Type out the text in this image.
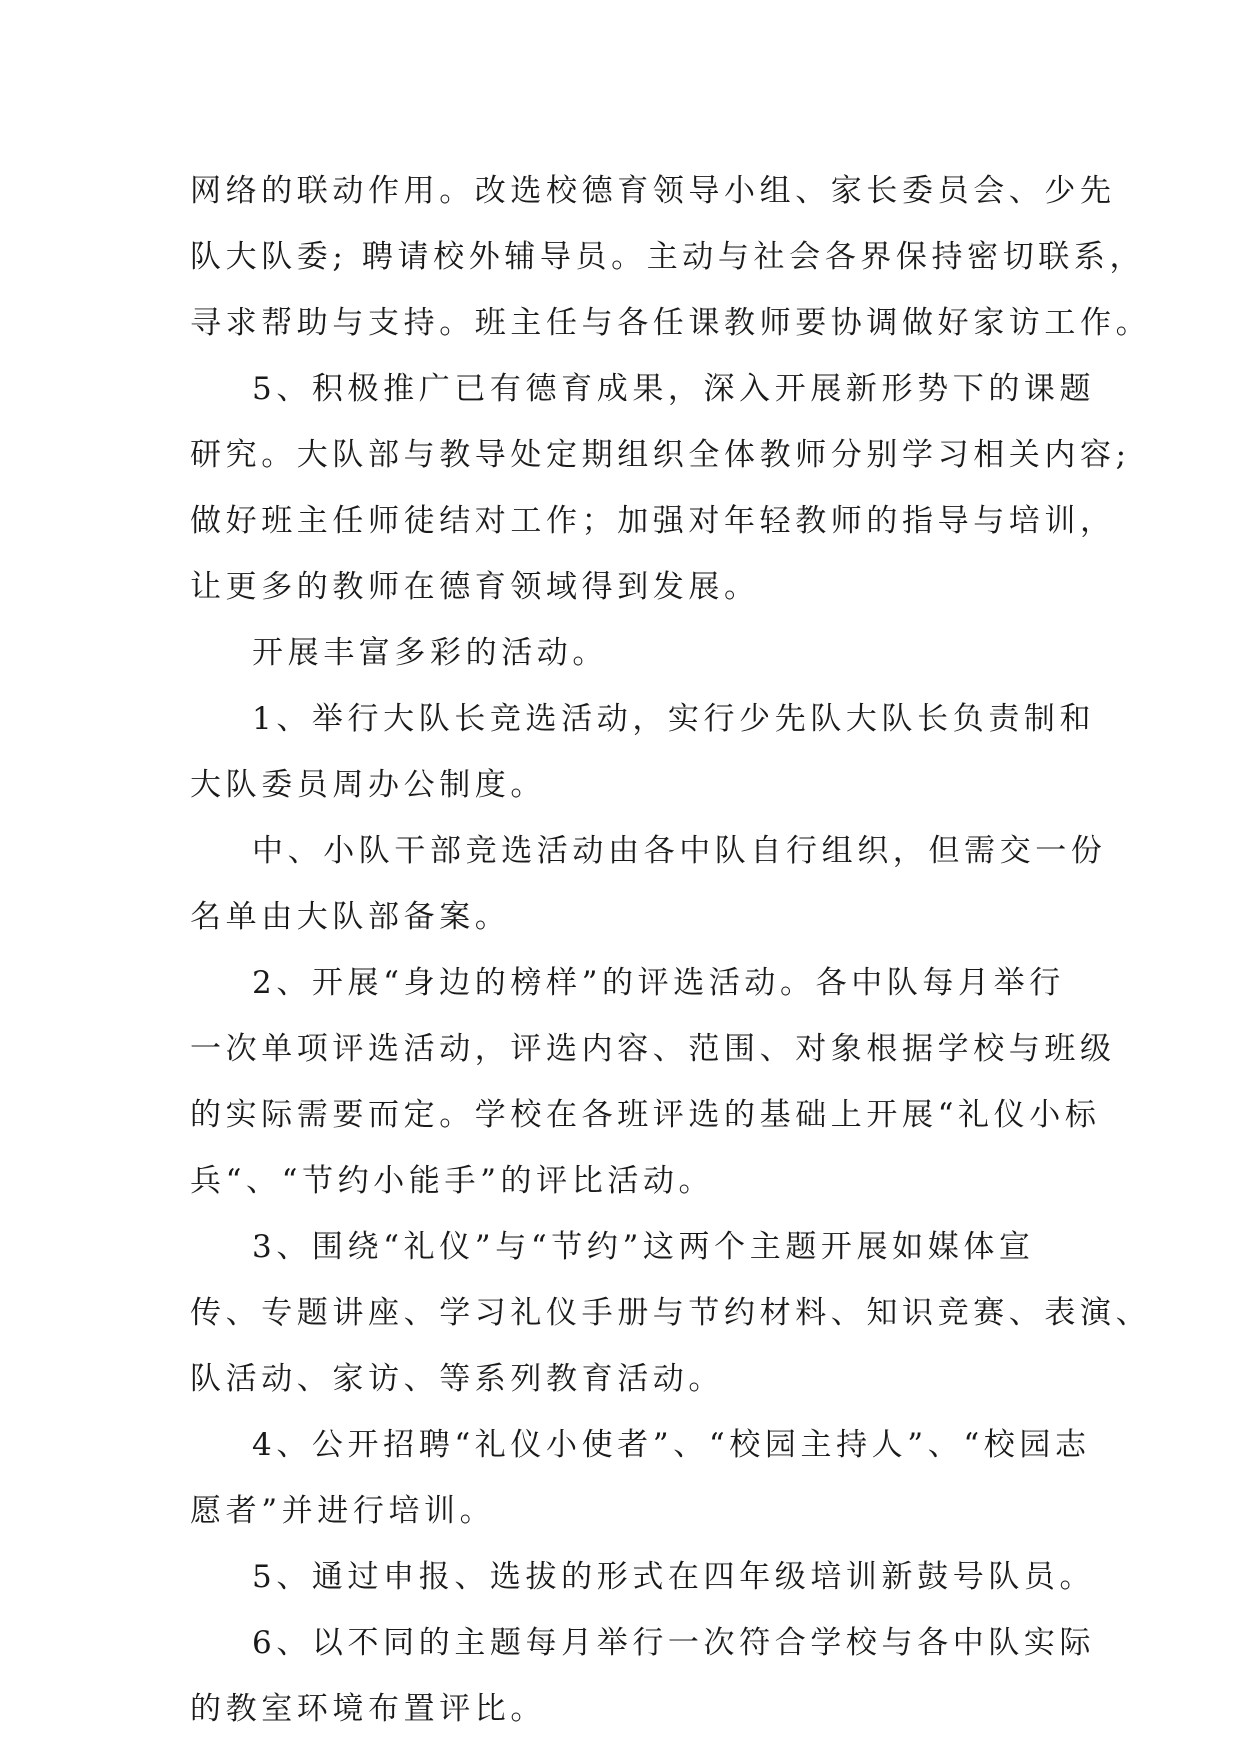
网络的联动作用。改选校德育领导小组、家长委员会、少先
队大队委; 聘请校外辅导员。主动与社会各界保持密切联系，
寻求帮助与支持。班主任与各任课教师要协调做好家访工作。
5、积极推广已有德育成果，深入开展新形势下的课题
研究。大队部与教导处定期组织全体教师分别学习相关内容;
做好班主任师徒结对工作；加强对年轻教师的指导与培训，
让更多的教师在德育领域得到发展。
开展丰富多彩的活动。
1、举行大队长竞选活动，实行少先队大队长负责制和
大队委员周办公制度。
中、小队干部竞选活动由各中队自行组织，但需交一份
名单由大队部备案。
2、开展“身边的榜样”的评选活动。各中队每月举行
一次单项评选活动，评选内容、范围、对象根据学校与班级
的实际需要而定。学校在各班评选的基础上开展“礼仪小标
兵“、“节约小能手”的评比活动。
3、围绕“礼仪”与“节约”这两个主题开展如媒体宣
传、专题讲座、学习礼仪手册与节约材料、知识竞赛、表演、
队活动、家访、等系列教育活动。
4、公开招聘“礼仪小使者”、“校园主持人”、“校园志
愿者”并进行培训。
5、通过申报、选拔的形式在四年级培训新鼓号队员。
6、以不同的主题每月举行一次符合学校与各中队实际
的教室环境布置评比。
